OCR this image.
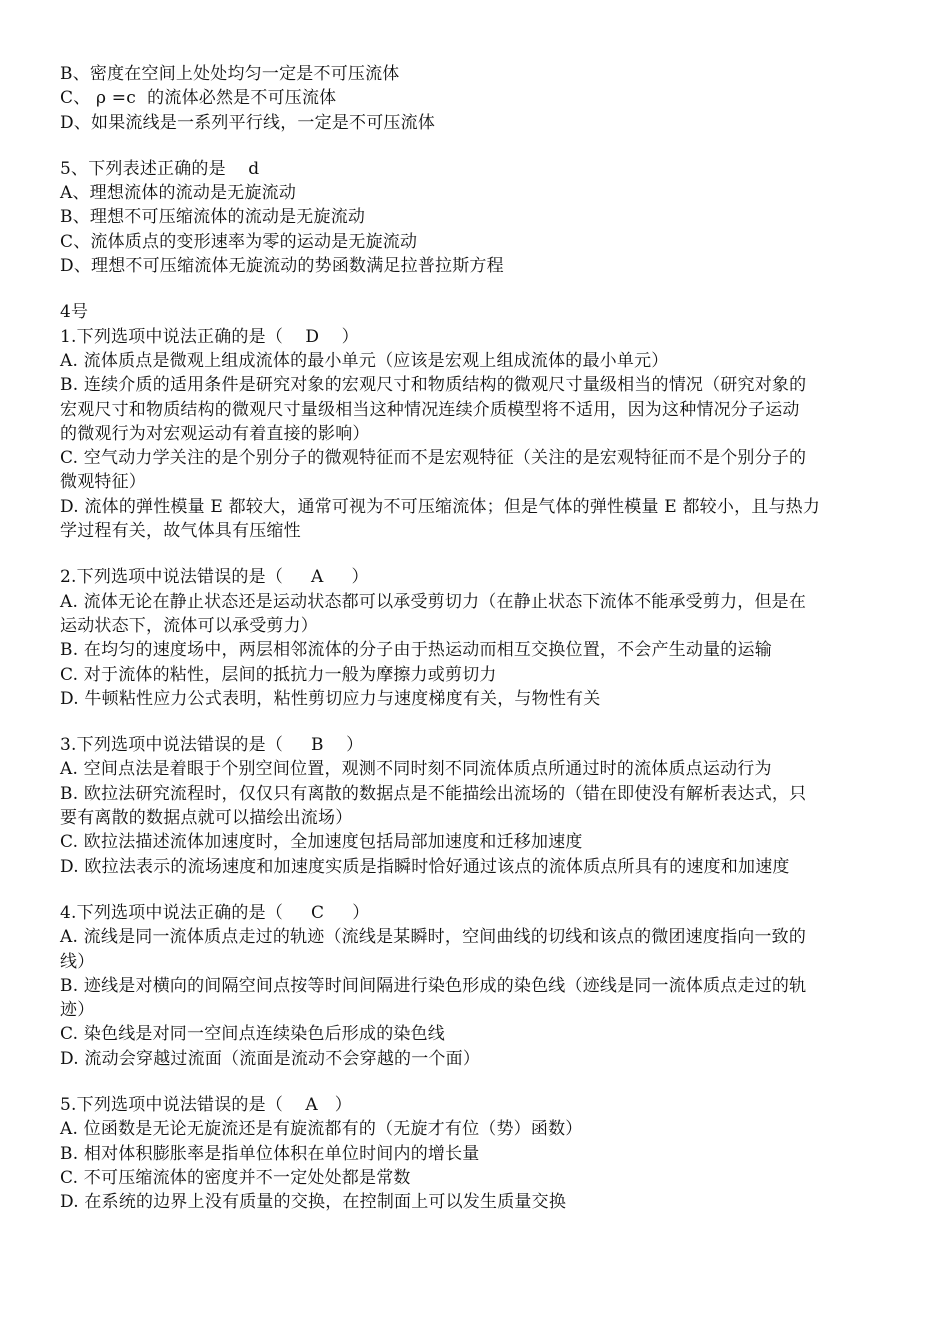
B、密度在空间上处处均匀一定是不可压流体
C、 ρ =c  的流体必然是不可压流体
D、如果流线是一系列平行线，一定是不可压流体
5、下列表述正确的是    d
A、理想流体的流动是无旋流动
B、理想不可压缩流体的流动是无旋流动
C、流体质点的变形速率为零的运动是无旋流动
D、理想不可压缩流体无旋流动的势函数满足拉普拉斯方程
4号
1.下列选项中说法正确的是（    D    ）
A. 流体质点是微观上组成流体的最小单元（应该是宏观上组成流体的最小单元）
B. 连续介质的适用条件是研究对象的宏观尺寸和物质结构的微观尺寸量级相当的情况（研究对象的
宏观尺寸和物质结构的微观尺寸量级相当这种情况连续介质模型将不适用，因为这种情况分子运动
的微观行为对宏观运动有着直接的影响）
C. 空气动力学关注的是个别分子的微观特征而不是宏观特征（关注的是宏观特征而不是个别分子的
微观特征）
D. 流体的弹性模量 E 都较大，通常可视为不可压缩流体；但是气体的弹性模量 E 都较小，且与热力
学过程有关，故气体具有压缩性
2.下列选项中说法错误的是（     A     ）
A. 流体无论在静止状态还是运动状态都可以承受剪切力（在静止状态下流体不能承受剪力，但是在
运动状态下，流体可以承受剪力）
B. 在均匀的速度场中，两层相邻流体的分子由于热运动而相互交换位置，不会产生动量的运输
C. 对于流体的粘性，层间的抵抗力一般为摩擦力或剪切力
D. 牛顿粘性应力公式表明，粘性剪切应力与速度梯度有关，与物性有关
3.下列选项中说法错误的是（     B    ）
A. 空间点法是着眼于个别空间位置，观测不同时刻不同流体质点所通过时的流体质点运动行为
B. 欧拉法研究流程时，仅仅只有离散的数据点是不能描绘出流场的（错在即使没有解析表达式，只
要有离散的数据点就可以描绘出流场）
C. 欧拉法描述流体加速度时，全加速度包括局部加速度和迁移加速度
D. 欧拉法表示的流场速度和加速度实质是指瞬时恰好通过该点的流体质点所具有的速度和加速度
4.下列选项中说法正确的是（     C     ）
A. 流线是同一流体质点走过的轨迹（流线是某瞬时，空间曲线的切线和该点的微团速度指向一致的
线）
B. 迹线是对横向的间隔空间点按等时间间隔进行染色形成的染色线（迹线是同一流体质点走过的轨
迹）
C. 染色线是对同一空间点连续染色后形成的染色线
D. 流动会穿越过流面（流面是流动不会穿越的一个面）
5.下列选项中说法错误的是（    A   ）
A. 位函数是无论无旋流还是有旋流都有的（无旋才有位（势）函数）
B. 相对体积膨胀率是指单位体积在单位时间内的增长量
C. 不可压缩流体的密度并不一定处处都是常数
D. 在系统的边界上没有质量的交换，在控制面上可以发生质量交换
